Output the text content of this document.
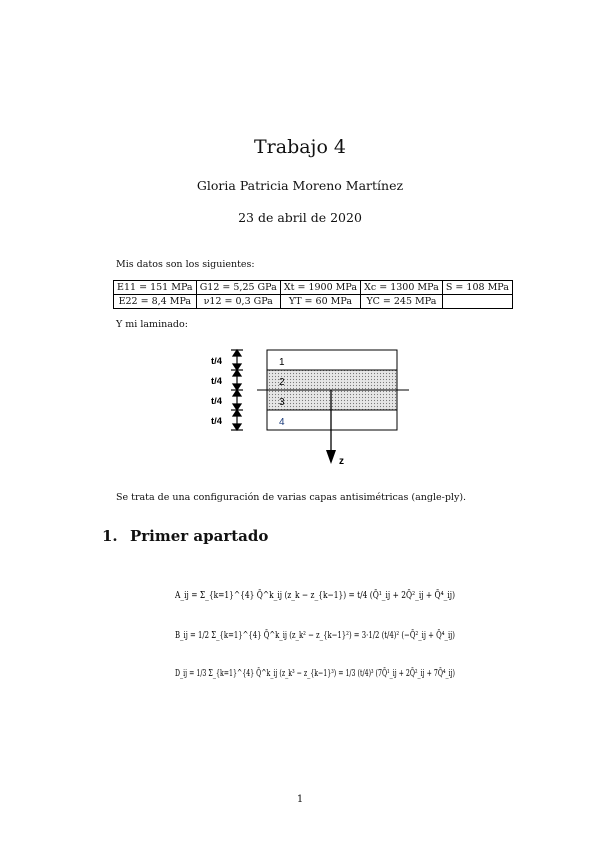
Trabajo 4
Gloria Patricia Moreno Martínez
23 de abril de 2020
Mis datos son los siguientes:
E11 = 151 MPa	G12 = 5,25 GPa	Xt = 1900 MPa	Xc = 1300 MPa	S = 108 MPa
E22 = 8,4 MPa	ν12 = 0,3 GPa	YT = 60 MPa	YC = 245 MPa	
Y mi laminado:
z
1
2
3
4
t/4
t/4
t/4
t/4
Se trata de una configuración de varias capas antisimétricas (angle-ply).
1. Primer apartado
A_ij = Σ_{k=1}^{4} Q̄^k_ij (z_k − z_{k−1}) = t/4 (Q̄¹_ij + 2Q̄²_ij + Q̄⁴_ij)
B_ij = 1/2 Σ_{k=1}^{4} Q̄^k_ij (z_k² − z_{k−1}²) = 3·1/2 (t/4)² (−Q̄²_ij + Q̄⁴_ij)
D_ij = 1/3 Σ_{k=1}^{4} Q̄^k_ij (z_k³ − z_{k−1}³) = 1/3 (t/4)³ (7Q̄¹_ij + 2Q̄²_ij + 7Q̄⁴_ij)
1
